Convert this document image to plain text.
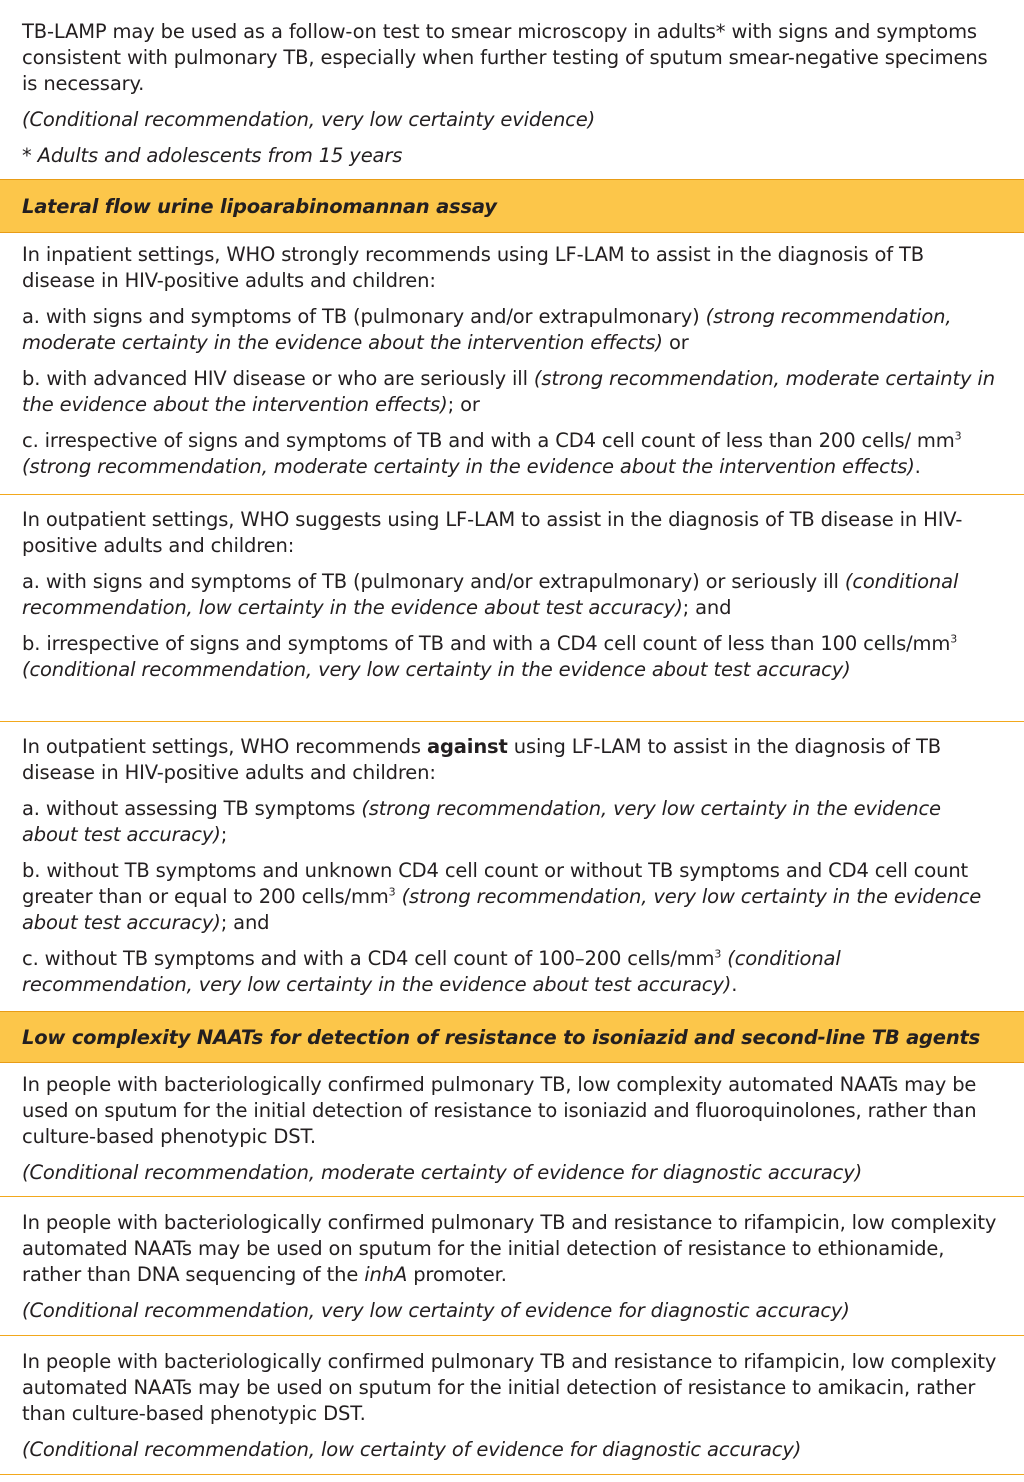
TB-LAMP may be used as a follow-on test to smear microscopy in adults* with signs and symptoms consistent with pulmonary TB, especially when further testing of sputum smear-negative specimens is necessary.

(Conditional recommendation, very low certainty evidence)

* Adults and adolescents from 15 years

Lateral flow urine lipoarabinomannan assay

In inpatient settings, WHO strongly recommends using LF-LAM to assist in the diagnosis of TB disease in HIV-positive adults and children:

a. with signs and symptoms of TB (pulmonary and/or extrapulmonary) (strong recommendation, moderate certainty in the evidence about the intervention effects) or

b. with advanced HIV disease or who are seriously ill (strong recommendation, moderate certainty in the evidence about the intervention effects); or

c. irrespective of signs and symptoms of TB and with a CD4 cell count of less than 200 cells/ $mm^3$ (strong recommendation, moderate certainty in the evidence about the intervention effects).

In outpatient settings, WHO suggests using LF-LAM to assist in the diagnosis of TB disease in HIV-positive adults and children:

a. with signs and symptoms of TB (pulmonary and/or extrapulmonary) or seriously ill (conditional recommendation, low certainty in the evidence about test accuracy); and

b. irrespective of signs and symptoms of TB and with a CD4 cell count of less than 100 cells/$mm^3$ (conditional recommendation, very low certainty in the evidence about test accuracy)

In outpatient settings, WHO recommends against using LF-LAM to assist in the diagnosis of TB disease in HIV-positive adults and children:

a. without assessing TB symptoms (strong recommendation, very low certainty in the evidence about test accuracy);

b. without TB symptoms and unknown CD4 cell count or without TB symptoms and CD4 cell count greater than or equal to 200 cells/$mm^3$ (strong recommendation, very low certainty in the evidence about test accuracy); and

c. without TB symptoms and with a CD4 cell count of 100–200 cells/$mm^3$ (conditional recommendation, very low certainty in the evidence about test accuracy).

Low complexity NAATs for detection of resistance to isoniazid and second-line TB agents

In people with bacteriologically confirmed pulmonary TB, low complexity automated NAATs may be used on sputum for the initial detection of resistance to isoniazid and fluoroquinolones, rather than culture-based phenotypic DST.

(Conditional recommendation, moderate certainty of evidence for diagnostic accuracy)

In people with bacteriologically confirmed pulmonary TB and resistance to rifampicin, low complexity automated NAATs may be used on sputum for the initial detection of resistance to ethionamide, rather than DNA sequencing of the inhA promoter.

(Conditional recommendation, very low certainty of evidence for diagnostic accuracy)

In people with bacteriologically confirmed pulmonary TB and resistance to rifampicin, low complexity automated NAATs may be used on sputum for the initial detection of resistance to amikacin, rather than culture-based phenotypic DST.

(Conditional recommendation, low certainty of evidence for diagnostic accuracy)
